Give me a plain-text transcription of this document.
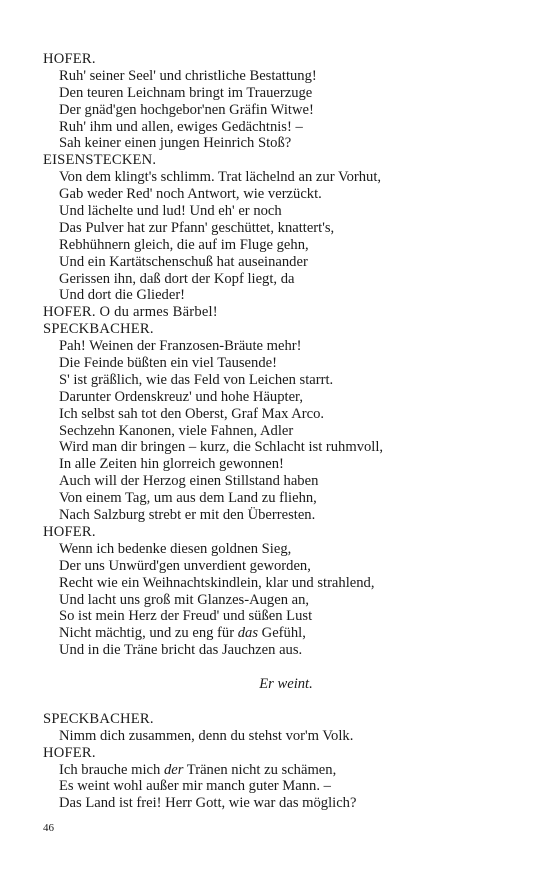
HOFER.
Ruh' seiner Seel' und christliche Bestattung!
Den teuren Leichnam bringt im Trauerzuge
Der gnäd'gen hochgebor'nen Gräfin Witwe!
Ruh' ihm und allen, ewiges Gedächtnis! –
Sah keiner einen jungen Heinrich Stoß?
EISENSTECKEN.
Von dem klingt's schlimm. Trat lächelnd an zur Vorhut,
Gab weder Red' noch Antwort, wie verzückt.
Und lächelte und lud! Und eh' er noch
Das Pulver hat zur Pfann' geschüttet, knattert's,
Rebhühnern gleich, die auf im Fluge gehn,
Und ein Kartätschenschuß hat auseinander
Gerissen ihn, daß dort der Kopf liegt, da
Und dort die Glieder!
HOFER. O du armes Bärbel!
SPECKBACHER.
Pah! Weinen der Franzosen-Bräute mehr!
Die Feinde büßten ein viel Tausende!
S' ist gräßlich, wie das Feld von Leichen starrt.
Darunter Ordenskreuz' und hohe Häupter,
Ich selbst sah tot den Oberst, Graf Max Arco.
Sechzehn Kanonen, viele Fahnen, Adler
Wird man dir bringen – kurz, die Schlacht ist ruhmvoll,
In alle Zeiten hin glorreich gewonnen!
Auch will der Herzog einen Stillstand haben
Von einem Tag, um aus dem Land zu fliehn,
Nach Salzburg strebt er mit den Überresten.
HOFER.
Wenn ich bedenke diesen goldnen Sieg,
Der uns Unwürd'gen unverdient geworden,
Recht wie ein Weihnachtskindlein, klar und strahlend,
Und lacht uns groß mit Glanzes-Augen an,
So ist mein Herz der Freud' und süßen Lust
Nicht mächtig, und zu eng für das Gefühl,
Und in die Träne bricht das Jauchzen aus.
Er weint.
SPECKBACHER.
Nimm dich zusammen, denn du stehst vor'm Volk.
HOFER.
Ich brauche mich der Tränen nicht zu schämen,
Es weint wohl außer mir manch guter Mann. –
Das Land ist frei! Herr Gott, wie war das möglich?
46
